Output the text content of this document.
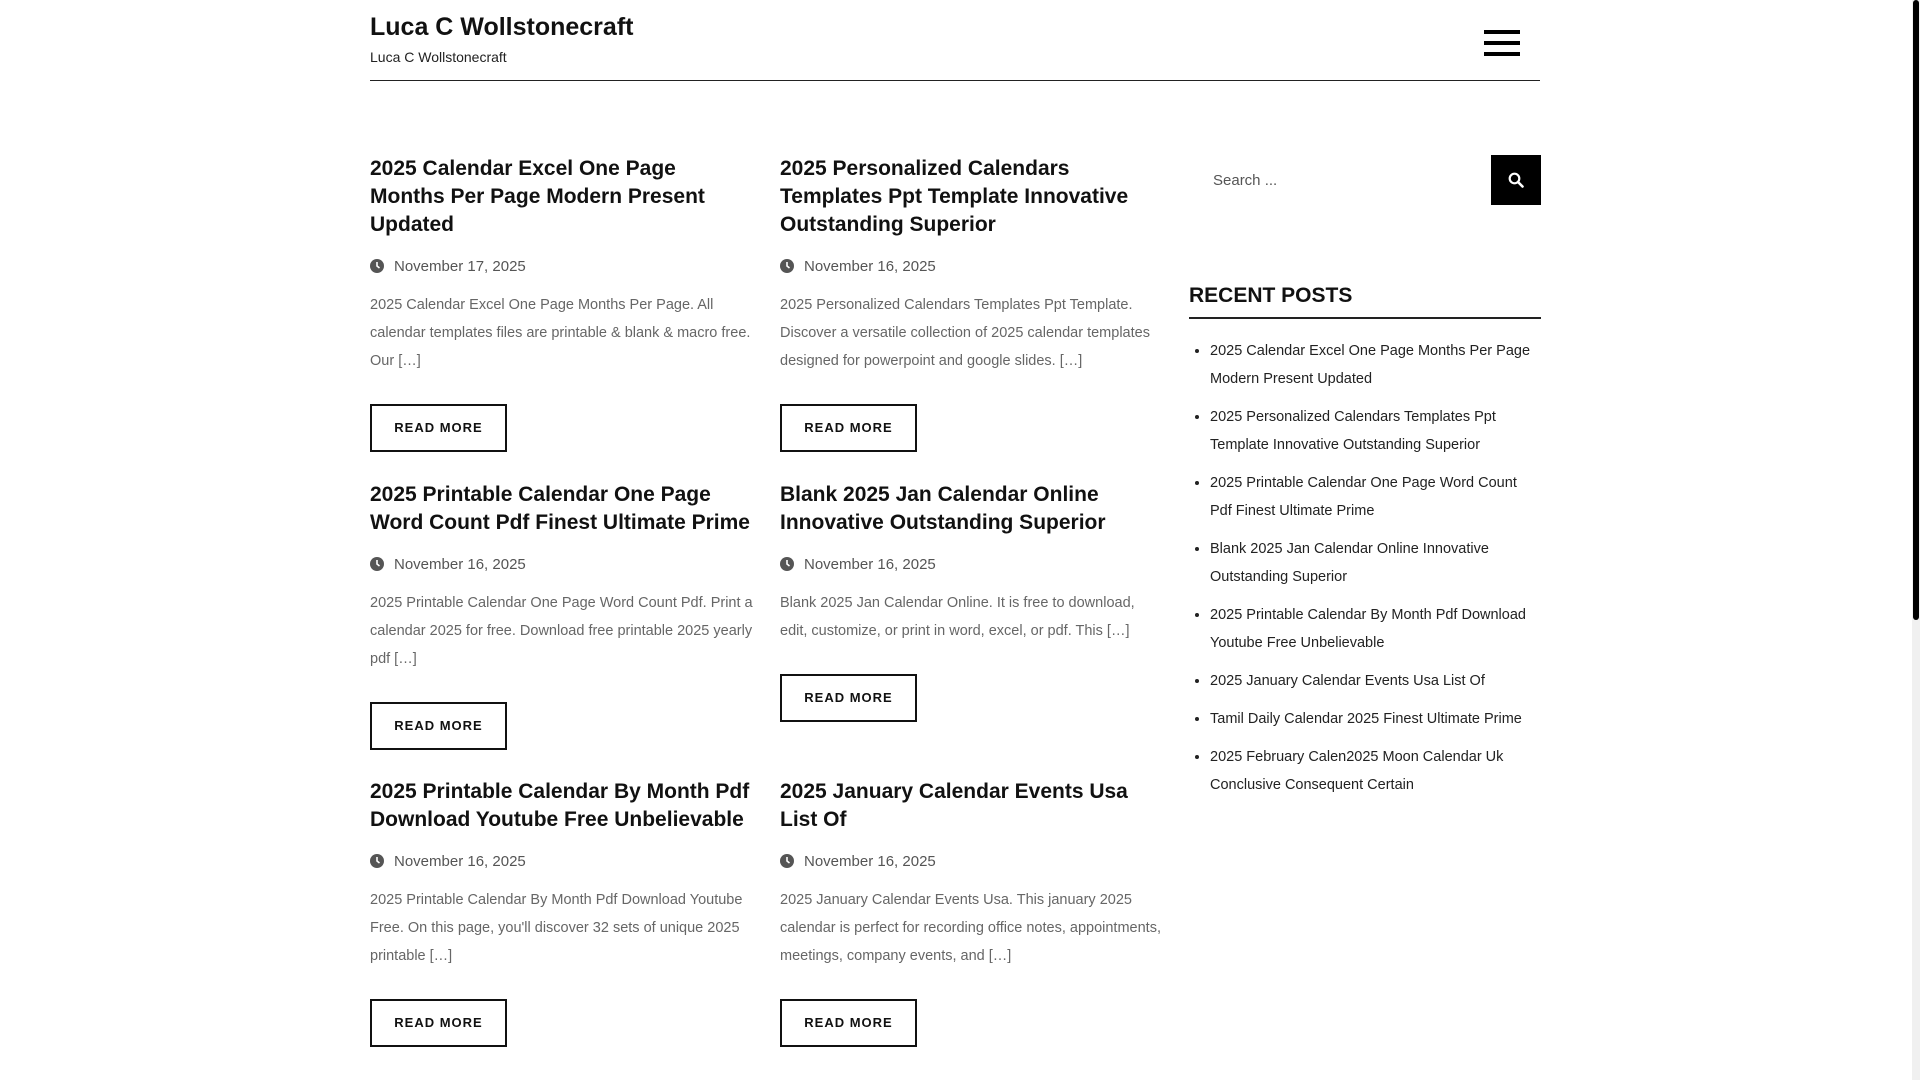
Luca C Wollstonecraft
Luca C Wollstonecraft
2025 Calendar Excel One Page Months Per Page Modern Present Updated
November 17, 2025
2025 Calendar Excel One Page Months Per Page. All calendar templates files are printable & blank & macro free. Our […]
READ MORE
2025 Personalized Calendars Templates Ppt Template Innovative Outstanding Superior
November 16, 2025
2025 Personalized Calendars Templates Ppt Template. Discover a versatile collection of 2025 calendar templates designed for powerpoint and google slides. […]
READ MORE
2025 Printable Calendar One Page Word Count Pdf Finest Ultimate Prime
November 16, 2025
2025 Printable Calendar One Page Word Count Pdf. Print a calendar 2025 for free. Download free printable 2025 yearly pdf […]
READ MORE
Blank 2025 Jan Calendar Online Innovative Outstanding Superior
November 16, 2025
Blank 2025 Jan Calendar Online. It is free to download, edit, customize, or print in word, excel, or pdf. This […]
READ MORE
2025 Printable Calendar By Month Pdf Download Youtube Free Unbelievable
November 16, 2025
2025 Printable Calendar By Month Pdf Download Youtube Free. On this page, you'll discover 32 sets of unique 2025 printable […]
READ MORE
2025 January Calendar Events Usa List Of
November 16, 2025
2025 January Calendar Events Usa. This january 2025 calendar is perfect for recording office notes, appointments, meetings, company events, and […]
READ MORE
Search ...
RECENT POSTS
• 2025 Calendar Excel One Page Months Per Page Modern Present Updated
• 2025 Personalized Calendars Templates Ppt Template Innovative Outstanding Superior
• 2025 Printable Calendar One Page Word Count Pdf Finest Ultimate Prime
• Blank 2025 Jan Calendar Online Innovative Outstanding Superior
• 2025 Printable Calendar By Month Pdf Download Youtube Free Unbelievable
• 2025 January Calendar Events Usa List Of
• Tamil Daily Calendar 2025 Finest Ultimate Prime
• 2025 February Calen2025 Moon Calendar Uk Conclusive Consequent Certain
